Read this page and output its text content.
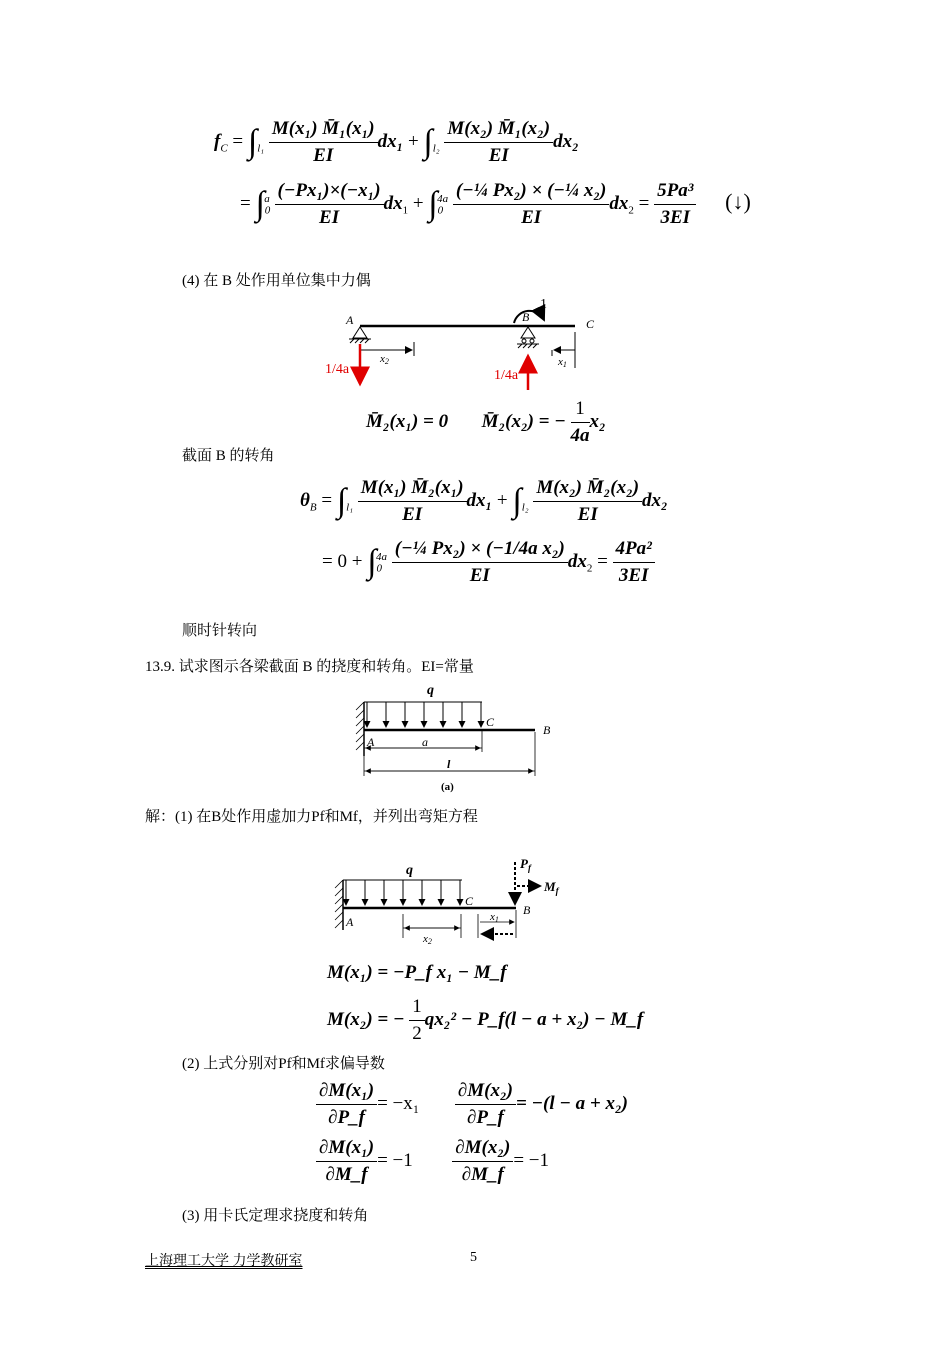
$f_C = \int_{l_1} \frac{\text{M(x₁) M̄₁(x₁)}}{EI} dx_1 + \int_{l_2} \frac{\text{M(x₂) M̄₁(x₂)}}{EI} dx_2$
= $\int_0^a \frac{\text{(−Px₁)×(−x₁)}}{EI} dx_1 + \int_0^{4a} \frac{\text{(−¼ Px₂) × (−¼ x₂)}}{EI} dx_2 = \frac{\text{5Pa³}}{3EI}$ (↓)
(4) 在 B 处作用单位集中力偶
A	B	C
1
x2	x1
1/4a	1/4a
M̄₂(x₁) = 0 M̄₂(x₂) = − $\frac{1}{4a} x_2$
截面 B 的转角
$\theta_B = \int_{l_1} \frac{\text{M(x₁) M̄₂(x₁)}}{EI} dx_1 + \int_{l_2} \frac{\text{M(x₂) M̄₂(x₂)}}{EI} dx_2$
= $0 + \int_0^{4a} \frac{\text{(−¼ Px₂) × (−1/4a x₂)}}{EI} dx_2 = \frac{\text{4Pa²}}{3EI}$
顺时针转向
13.9. 试求图示各梁截面 B 的挠度和转角。EI=常量
q
C
B
A	a
l
(a)
解：(1) 在B处作用虚加力Pf和Mf，并列出弯矩方程
q	$P_f$
$M_f$
C
B
A
x2
x1
M(x₁) = −P_f x₁ − M_f
M(x₂) = − $\frac{1}{2} qx_2^2$ − P_f(l − a + x₂) − M_f
(2) 上式分别对Pf和Mf求偏导数
$\frac{\text{∂M(x₁)}}{\partial P\_f} = -x_1 \frac{\text{∂M(x₂)}}{\partial P\_f} = -(l - a + x_2)$
$\frac{\text{∂M(x₁)}}{\partial M\_f} = -1 \frac{\text{∂M(x₂)}}{\partial M\_f} = -1$
(3) 用卡氏定理求挠度和转角
上海理工大学 力学教研室	5
